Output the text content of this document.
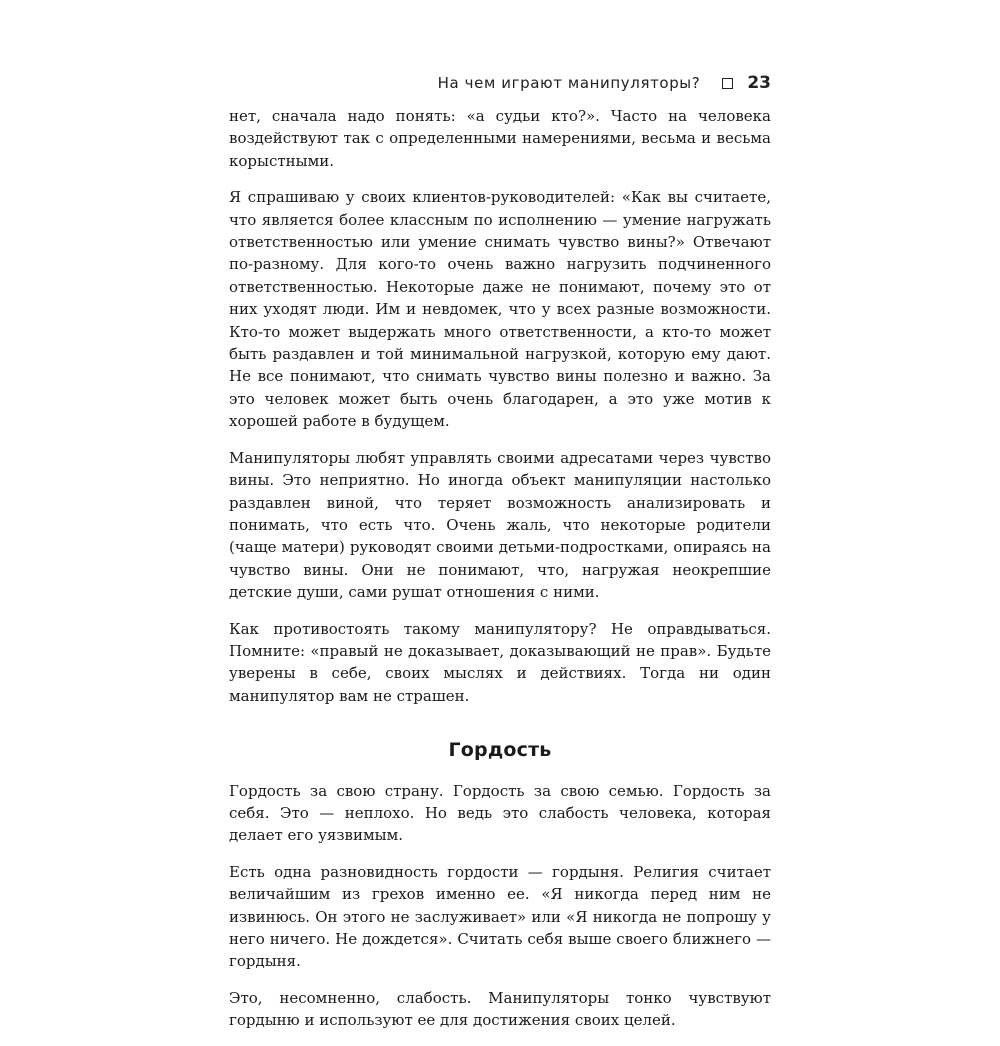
На чем играют манипуляторы?	23

нет, сначала надо понять: «а судьи кто?». Часто на человека воздействуют так с определенными намерениями, весьма и весьма корыстными.

Я спрашиваю у своих клиентов-руководителей: «Как вы считаете, что является более классным по исполнению — умение нагружать ответственностью или умение снимать чувство вины?» Отвечают по-разному. Для кого-то очень важно нагрузить подчиненного ответственностью. Некоторые даже не понимают, почему это от них уходят люди. Им и невдомек, что у всех разные возможности. Кто-то может выдержать много ответственности, а кто-то может быть раздавлен и той минимальной нагрузкой, которую ему дают. Не все понимают, что снимать чувство вины полезно и важно. За это человек может быть очень благодарен, а это уже мотив к хорошей работе в будущем.

Манипуляторы любят управлять своими адресатами через чувство вины. Это неприятно. Но иногда объект манипуляции настолько раздавлен виной, что теряет возможность анализировать и понимать, что есть что. Очень жаль, что некоторые родители (чаще матери) руководят своими детьми-подростками, опираясь на чувство вины. Они не понимают, что, нагружая неокрепшие детские души, сами рушат отношения с ними.

Как противостоять такому манипулятору? Не оправдываться. Помните: «правый не доказывает, доказывающий не прав». Будьте уверены в себе, своих мыслях и действиях. Тогда ни один манипулятор вам не страшен.

Гордость

Гордость за свою страну. Гордость за свою семью. Гордость за себя. Это — неплохо. Но ведь это слабость человека, которая делает его уязвимым.

Есть одна разновидность гордости — гордыня. Религия считает величайшим из грехов именно ее. «Я никогда перед ним не извинюсь. Он этого не заслуживает» или «Я никогда не попрошу у него ничего. Не дождется». Считать себя выше своего ближнего — гордыня.

Это, несомненно, слабость. Манипуляторы тонко чувствуют гордыню и используют ее для достижения своих целей.
